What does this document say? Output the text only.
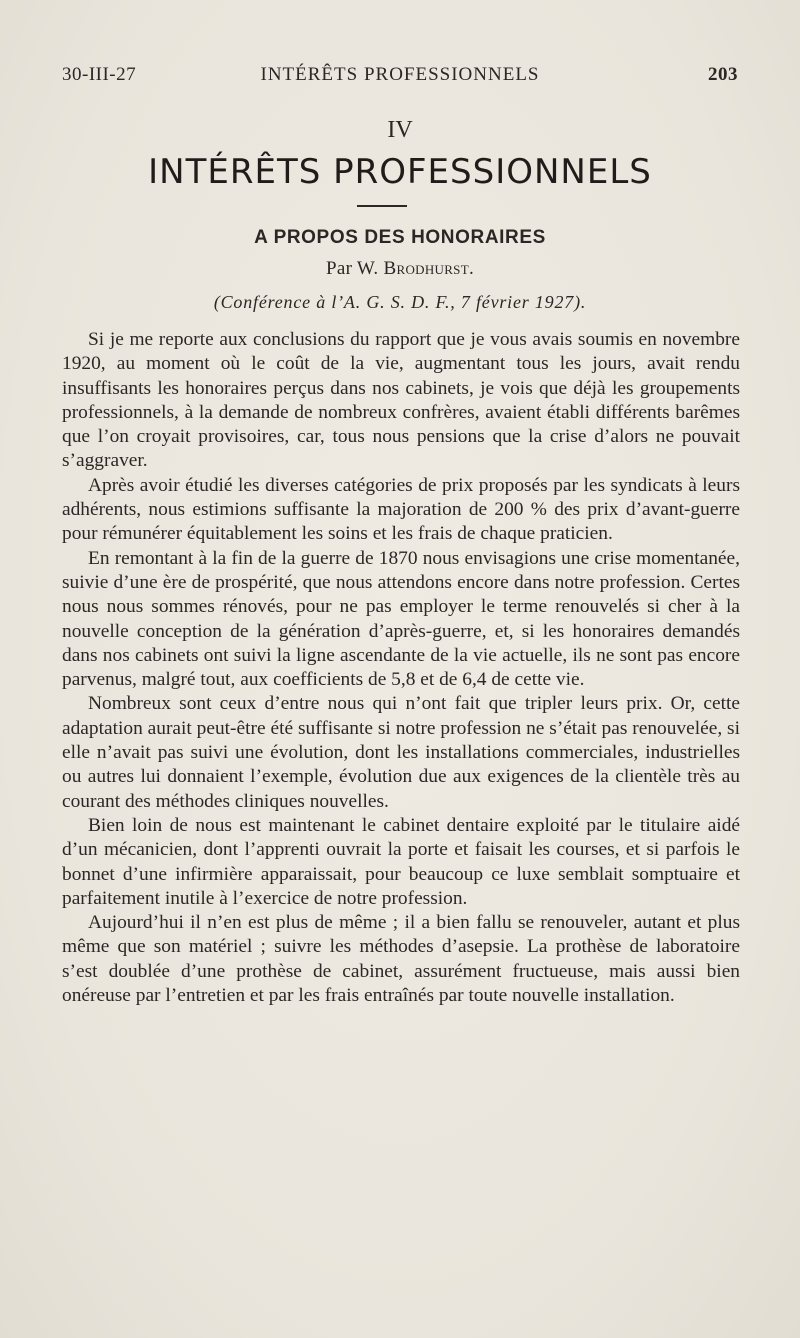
30-III-27	INTÉRÊTS PROFESSIONNELS	203
IV
INTÉRÊTS PROFESSIONNELS
A PROPOS DES HONORAIRES
Par W. Brodhurst.
(Conférence à l’A. G. S. D. F., 7 février 1927).

Si je me reporte aux conclusions du rapport que je vous avais soumis en novembre 1920, au moment où le coût de la vie, augmentant tous les jours, avait rendu insuffisants les honoraires perçus dans nos cabinets, je vois que déjà les groupements professionnels, à la demande de nombreux confrères, avaient établi différents barêmes que l’on croyait provisoires, car, tous nous pensions que la crise d’alors ne pouvait s’aggraver.

Après avoir étudié les diverses catégories de prix proposés par les syndicats à leurs adhérents, nous estimions suffisante la majoration de 200 % des prix d’avant-guerre pour rémunérer équitablement les soins et les frais de chaque praticien.

En remontant à la fin de la guerre de 1870 nous envisagions une crise momentanée, suivie d’une ère de prospérité, que nous attendons encore dans notre profession. Certes nous nous sommes rénovés, pour ne pas employer le terme renouvelés si cher à la nouvelle conception de la génération d’après-guerre, et, si les honoraires demandés dans nos cabinets ont suivi la ligne ascendante de la vie actuelle, ils ne sont pas encore parvenus, malgré tout, aux coefficients de 5,8 et de 6,4 de cette vie.

Nombreux sont ceux d’entre nous qui n’ont fait que tripler leurs prix. Or, cette adaptation aurait peut-être été suffisante si notre profession ne s’était pas renouvelée, si elle n’avait pas suivi une évolution, dont les installations commerciales, industrielles ou autres lui donnaient l’exemple, évolution due aux exigences de la clientèle très au courant des méthodes cliniques nouvelles.

Bien loin de nous est maintenant le cabinet dentaire exploité par le titulaire aidé d’un mécanicien, dont l’apprenti ouvrait la porte et faisait les courses, et si parfois le bonnet d’une infirmière apparaissait, pour beaucoup ce luxe semblait somptuaire et parfaitement inutile à l’exercice de notre profession.

Aujourd’hui il n’en est plus de même ; il a bien fallu se renouveler, autant et plus même que son matériel ; suivre les méthodes d’asepsie. La prothèse de laboratoire s’est doublée d’une prothèse de cabinet, assurément fructueuse, mais aussi bien onéreuse par l’entretien et par les frais entraînés par toute nouvelle installation.
